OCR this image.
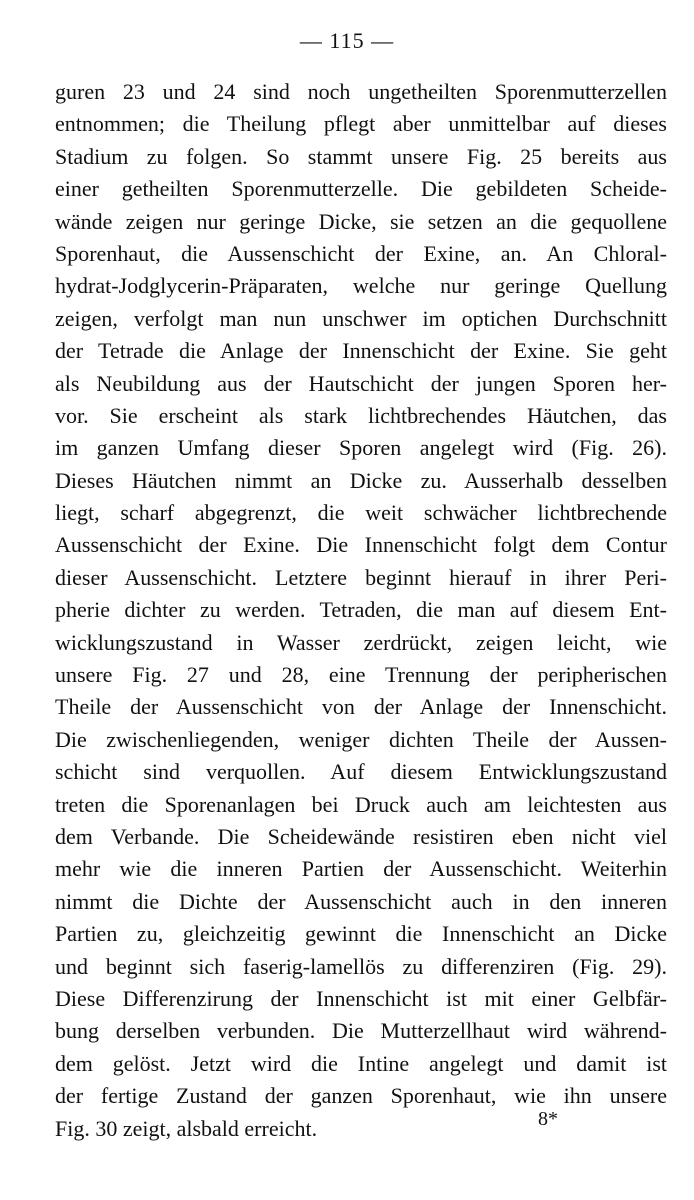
— 115 —
guren 23 und 24 sind noch ungetheilten Sporenmutterzellen
entnommen; die Theilung pflegt aber unmittelbar auf dieses
Stadium zu folgen. So stammt unsere Fig. 25 bereits aus
einer getheilten Sporenmutterzelle. Die gebildeten Scheide-
wände zeigen nur geringe Dicke, sie setzen an die gequollene
Sporenhaut, die Aussenschicht der Exine, an. An Chloral-
hydrat-Jodglycerin-Präparaten, welche nur geringe Quellung
zeigen, verfolgt man nun unschwer im optichen Durchschnitt
der Tetrade die Anlage der Innenschicht der Exine. Sie geht
als Neubildung aus der Hautschicht der jungen Sporen her-
vor. Sie erscheint als stark lichtbrechendes Häutchen, das
im ganzen Umfang dieser Sporen angelegt wird (Fig. 26).
Dieses Häutchen nimmt an Dicke zu. Ausserhalb desselben
liegt, scharf abgegrenzt, die weit schwächer lichtbrechende
Aussenschicht der Exine. Die Innenschicht folgt dem Contur
dieser Aussenschicht. Letztere beginnt hierauf in ihrer Peri-
pherie dichter zu werden. Tetraden, die man auf diesem Ent-
wicklungszustand in Wasser zerdrückt, zeigen leicht, wie
unsere Fig. 27 und 28, eine Trennung der peripherischen
Theile der Aussenschicht von der Anlage der Innenschicht.
Die zwischenliegenden, weniger dichten Theile der Aussen-
schicht sind verquollen. Auf diesem Entwicklungszustand
treten die Sporenanlagen bei Druck auch am leichtesten aus
dem Verbande. Die Scheidewände resistiren eben nicht viel
mehr wie die inneren Partien der Aussenschicht. Weiterhin
nimmt die Dichte der Aussenschicht auch in den inneren
Partien zu, gleichzeitig gewinnt die Innenschicht an Dicke
und beginnt sich faserig-lamellös zu differenziren (Fig. 29).
Diese Differenzirung der Innenschicht ist mit einer Gelbfär-
bung derselben verbunden. Die Mutterzellhaut wird während-
dem gelöst. Jetzt wird die Intine angelegt und damit ist
der fertige Zustand der ganzen Sporenhaut, wie ihn unsere
Fig. 30 zeigt, alsbald erreicht.	8*
